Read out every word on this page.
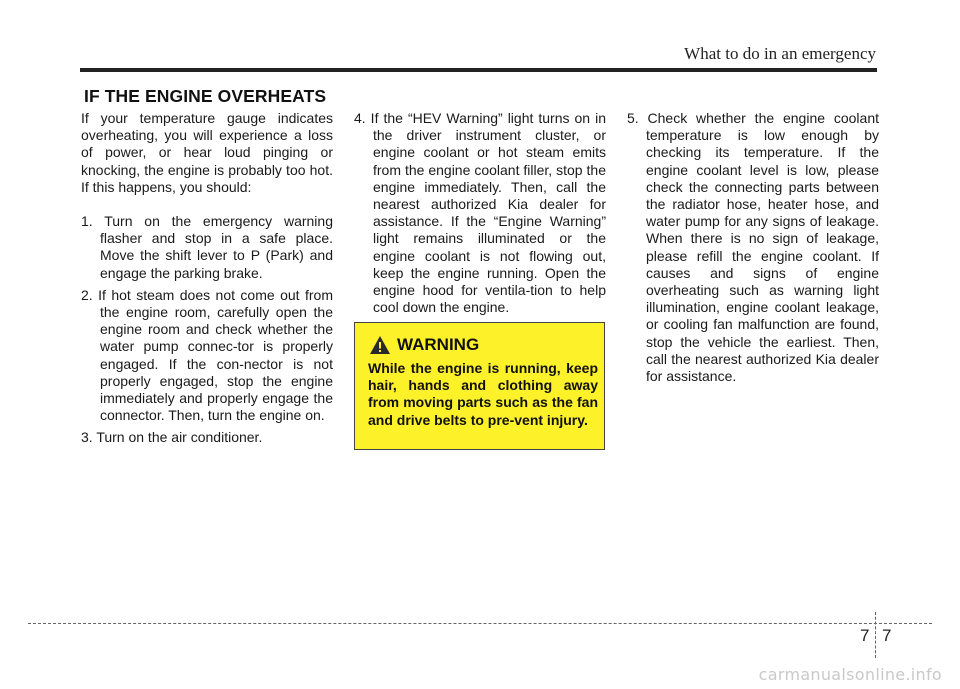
What to do in an emergency
IF THE ENGINE OVERHEATS

If your temperature gauge indicates overheating, you will experience a loss of power, or hear loud pinging or knocking, the engine is probably too hot. If this happens, you should:

1. Turn on the emergency warning flasher and stop in a safe place. Move the shift lever to P (Park) and engage the parking brake.

2. If hot steam does not come out from the engine room, carefully open the engine room and check whether the water pump connec-tor is properly engaged. If the con-nector is not properly engaged, stop the engine immediately and properly engage the connector. Then, turn the engine on.

3. Turn on the air conditioner.

4. If the “HEV Warning” light turns on in the driver instrument cluster, or engine coolant or hot steam emits from the engine coolant filler, stop the engine immediately. Then, call the nearest authorized Kia dealer for assistance. If the “Engine Warning” light remains illuminated or the engine coolant is not flowing out, keep the engine running. Open the engine hood for ventila-tion to help cool down the engine.

WARNING
While the engine is running, keep hair, hands and clothing away from moving parts such as the fan and drive belts to pre-vent injury.

5. Check whether the engine coolant temperature is low enough by checking its temperature. If the engine coolant level is low, please check the connecting parts between the radiator hose, heater hose, and water pump for any signs of leakage. When there is no sign of leakage, please refill the engine coolant. If causes and signs of engine overheating such as warning light illumination, engine coolant leakage, or cooling fan malfunction are found, stop the vehicle the earliest. Then, call the nearest authorized Kia dealer for assistance.

7 7
carmanualsonline.info
